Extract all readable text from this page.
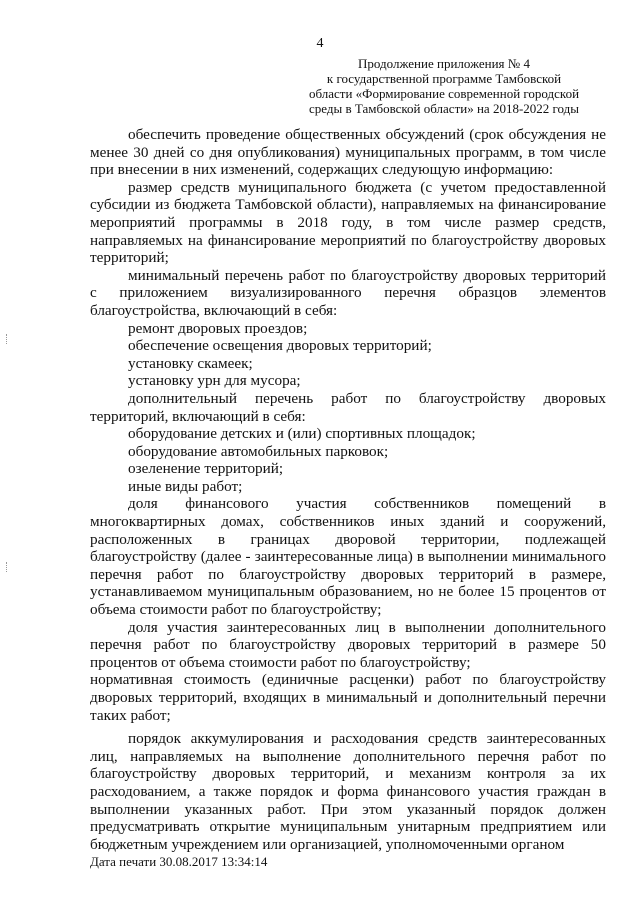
4
Продолжение приложения № 4
к государственной программе Тамбовской
области «Формирование современной городской
среды в Тамбовской области» на 2018-2022 годы

обеспечить проведение общественных обсуждений (срок обсуждения не менее 30 дней со дня опубликования) муниципальных программ, в том числе при внесении в них изменений, содержащих следующую информацию:

размер средств муниципального бюджета (с учетом предоставленной субсидии из бюджета Тамбовской области), направляемых на финансирование мероприятий программы в 2018 году, в том числе размер средств, направляемых на финансирование мероприятий по благоустройству дворовых территорий;

минимальный перечень работ по благоустройству дворовых территорий с приложением визуализированного перечня образцов элементов благоустройства, включающий в себя:

ремонт дворовых проездов;

обеспечение освещения дворовых территорий;

установку скамеек;

установку урн для мусора;

дополнительный перечень работ по благоустройству дворовых территорий, включающий в себя:

оборудование детских и (или) спортивных площадок;

оборудование автомобильных парковок;

озеленение территорий;

иные виды работ;

доля финансового участия собственников помещений в многоквартирных домах, собственников иных зданий и сооружений, расположенных в границах дворовой территории, подлежащей благоустройству (далее - заинтересованные лица) в выполнении минимального перечня работ по благоустройству дворовых территорий в размере, устанавливаемом муниципальным образованием, но не более 15 процентов от объема стоимости работ по благоустройству;

доля участия заинтересованных лиц в выполнении дополнительного перечня работ по благоустройству дворовых территорий в размере 50 процентов от объема стоимости работ по благоустройству;

нормативная стоимость (единичные расценки) работ по благоустройству дворовых территорий, входящих в минимальный и дополнительный перечни таких работ;

порядок аккумулирования и расходования средств заинтересованных лиц, направляемых на выполнение дополнительного перечня работ по благоустройству дворовых территорий, и механизм контроля за их расходованием, а также порядок и форма финансового участия граждан в выполнении указанных работ. При этом указанный порядок должен предусматривать открытие муниципальным унитарным предприятием или бюджетным учреждением или организацией, уполномоченными органом

Дата печати 30.08.2017 13:34:14
